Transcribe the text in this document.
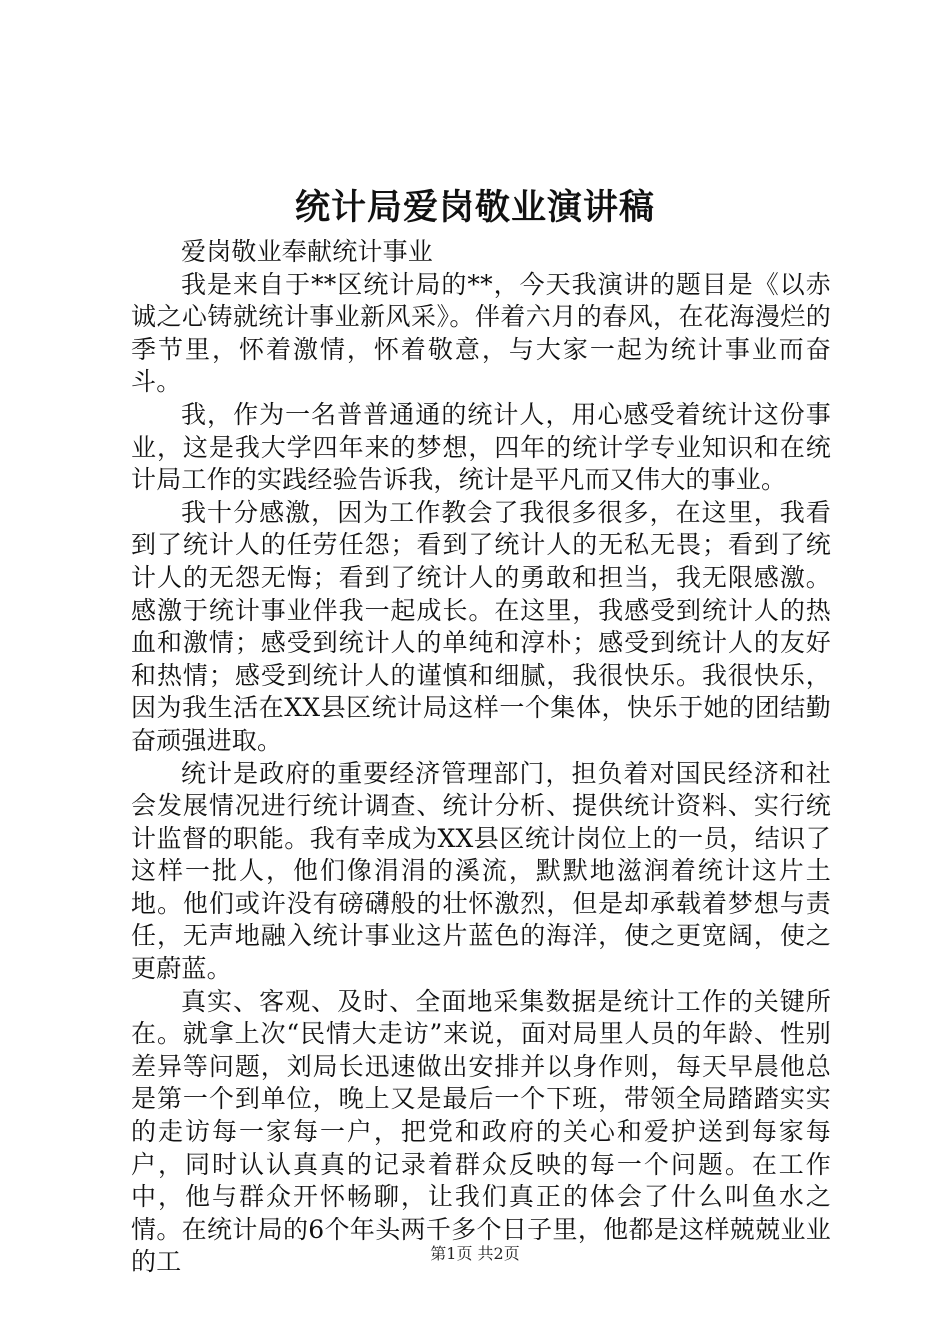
统计局爱岗敬业演讲稿

爱岗敬业奉献统计事业

我是来自于**区统计局的**，今天我演讲的题目是《以赤诚之心铸就统计事业新风采》。伴着六月的春风，在花海漫烂的季节里，怀着激情，怀着敬意，与大家一起为统计事业而奋斗。

我，作为一名普普通通的统计人，用心感受着统计这份事业，这是我大学四年来的梦想，四年的统计学专业知识和在统计局工作的实践经验告诉我，统计是平凡而又伟大的事业。

我十分感激，因为工作教会了我很多很多，在这里，我看到了统计人的任劳任怨；看到了统计人的无私无畏；看到了统计人的无怨无悔；看到了统计人的勇敢和担当，我无限感激。感激于统计事业伴我一起成长。在这里，我感受到统计人的热血和激情；感受到统计人的单纯和淳朴；感受到统计人的友好和热情；感受到统计人的谨慎和细腻，我很快乐。我很快乐，因为我生活在XX县区统计局这样一个集体，快乐于她的团结勤奋顽强进取。

统计是政府的重要经济管理部门，担负着对国民经济和社会发展情况进行统计调查、统计分析、提供统计资料、实行统计监督的职能。我有幸成为XX县区统计岗位上的一员，结识了这样一批人，他们像涓涓的溪流，默默地滋润着统计这片土地。他们或许没有磅礴般的壮怀激烈，但是却承载着梦想与责任，无声地融入统计事业这片蓝色的海洋，使之更宽阔，使之更蔚蓝。

真实、客观、及时、全面地采集数据是统计工作的关键所在。就拿上次“民情大走访”来说，面对局里人员的年龄、性别差异等问题，刘局长迅速做出安排并以身作则，每天早晨他总是第一个到单位，晚上又是最后一个下班，带领全局踏踏实实的走访每一家每一户，把党和政府的关心和爱护送到每家每户，同时认认真真的记录着群众反映的每一个问题。在工作中，他与群众开怀畅聊，让我们真正的体会了什么叫鱼水之情。在统计局的6个年头两千多个日子里，他都是这样兢兢业业的工	第1页 共2页
